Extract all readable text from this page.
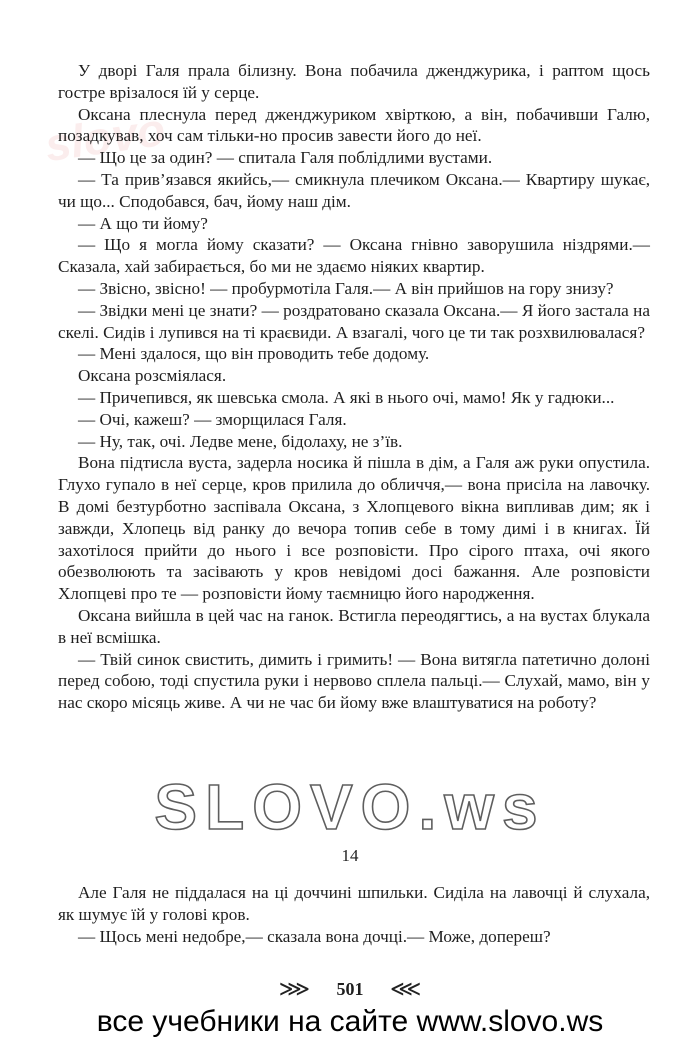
slovo

У дворі Галя прала білизну. Вона побачила дженджурика, і раптом щось гостре врізалося їй у серце.

Оксана плеснула перед дженджуриком хвірткою, а він, побачивши Галю, позадкував, хоч сам тільки-но просив завести його до неї.

— Що це за один? — спитала Галя поблідлими вустами.

— Та прив’язався якийсь,— смикнула плечиком Оксана.— Квартиру шукає, чи що... Сподобався, бач, йому наш дім.

— А що ти йому?

— Що я могла йому сказати? — Оксана гнівно заворушила ніздрями.— Сказала, хай забирається, бо ми не здаємо ніяких квартир.

— Звісно, звісно! — пробурмотіла Галя.— А він прийшов на гору знизу?

— Звідки мені це знати? — роздратовано сказала Оксана.— Я його застала на скелі. Сидів і лупився на ті краєвиди. А взагалі, чого це ти так розхвилювалася?

— Мені здалося, що він проводить тебе додому.

Оксана розсміялася.

— Причепився, як шевська смола. А які в нього очі, мамо! Як у гадюки...

— Очі, кажеш? — зморщилася Галя.

— Ну, так, очі. Ледве мене, бідолаху, не з’їв.

Вона підтисла вуста, задерла носика й пішла в дім, а Галя аж руки опустила. Глухо гупало в неї серце, кров прилила до обличчя,— вона присіла на лавочку. В домі безтурботно заспівала Оксана, з Хлопцевого вікна випливав дим; як і завжди, Хлопець від ранку до вечора топив себе в тому димі і в книгах. Їй захотілося прийти до нього і все розповісти. Про сірого птаха, очі якого обезволюють та засівають у кров невідомі досі бажання. Але розповісти Хлопцеві про те — розповісти йому таємницю його народження.

Оксана вийшла в цей час на ганок. Встигла переодягтись, а на вустах блукала в неї всмішка.

— Твій синок свистить, димить і гримить! — Вона витягла патетично долоні перед собою, тоді спустила руки і нервово сплела пальці.— Слухай, мамо, він у нас скоро місяць живе. А чи не час би йому вже влаштуватися на роботу?

SLOVO.ws
14

Але Галя не піддалася на ці доччині шпильки. Сиділа на лавочці й слухала, як шумує їй у голові кров.

— Щось мені недобре,— сказала вона дочці.— Може, допереш?

⋙ 501 ⋘
все учебники на сайте www.slovo.ws
